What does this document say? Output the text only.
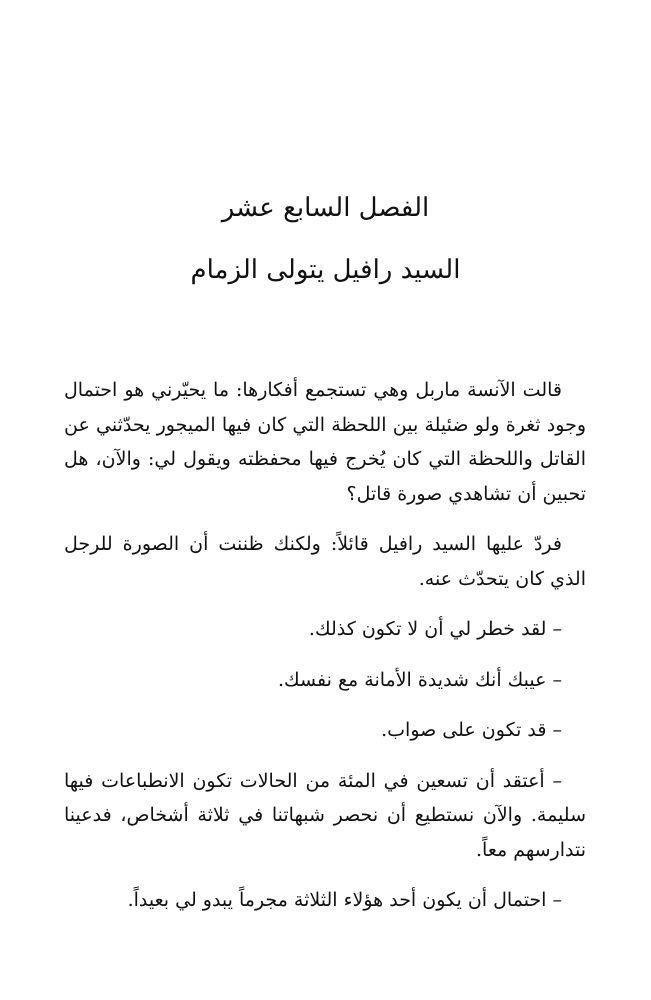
الفصل السابع عشر
السيد رافيل يتولى الزمام

قالت الآنسة ماربل وهي تستجمع أفكارها: ما يحيّرني هو احتمال وجود ثغرة ولو ضئيلة بين اللحظة التي كان فيها الميجور يحدّثني عن القاتل واللحظة التي كان يُخرج فيها محفظته ويقول لي: والآن، هل تحبين أن تشاهدي صورة قاتل؟

فردّ عليها السيد رافيل قائلاً: ولكنك ظننت أن الصورة للرجل الذي كان يتحدّث عنه.

– لقد خطر لي أن لا تكون كذلك.

– عيبك أنك شديدة الأمانة مع نفسك.

– قد تكون على صواب.

– أعتقد أن تسعين في المئة من الحالات تكون الانطباعات فيها سليمة. والآن نستطيع أن نحصر شبهاتنا في ثلاثة أشخاص، فدعينا نتدارسهم معاً.

– احتمال أن يكون أحد هؤلاء الثلاثة مجرماً يبدو لي بعيداً.
